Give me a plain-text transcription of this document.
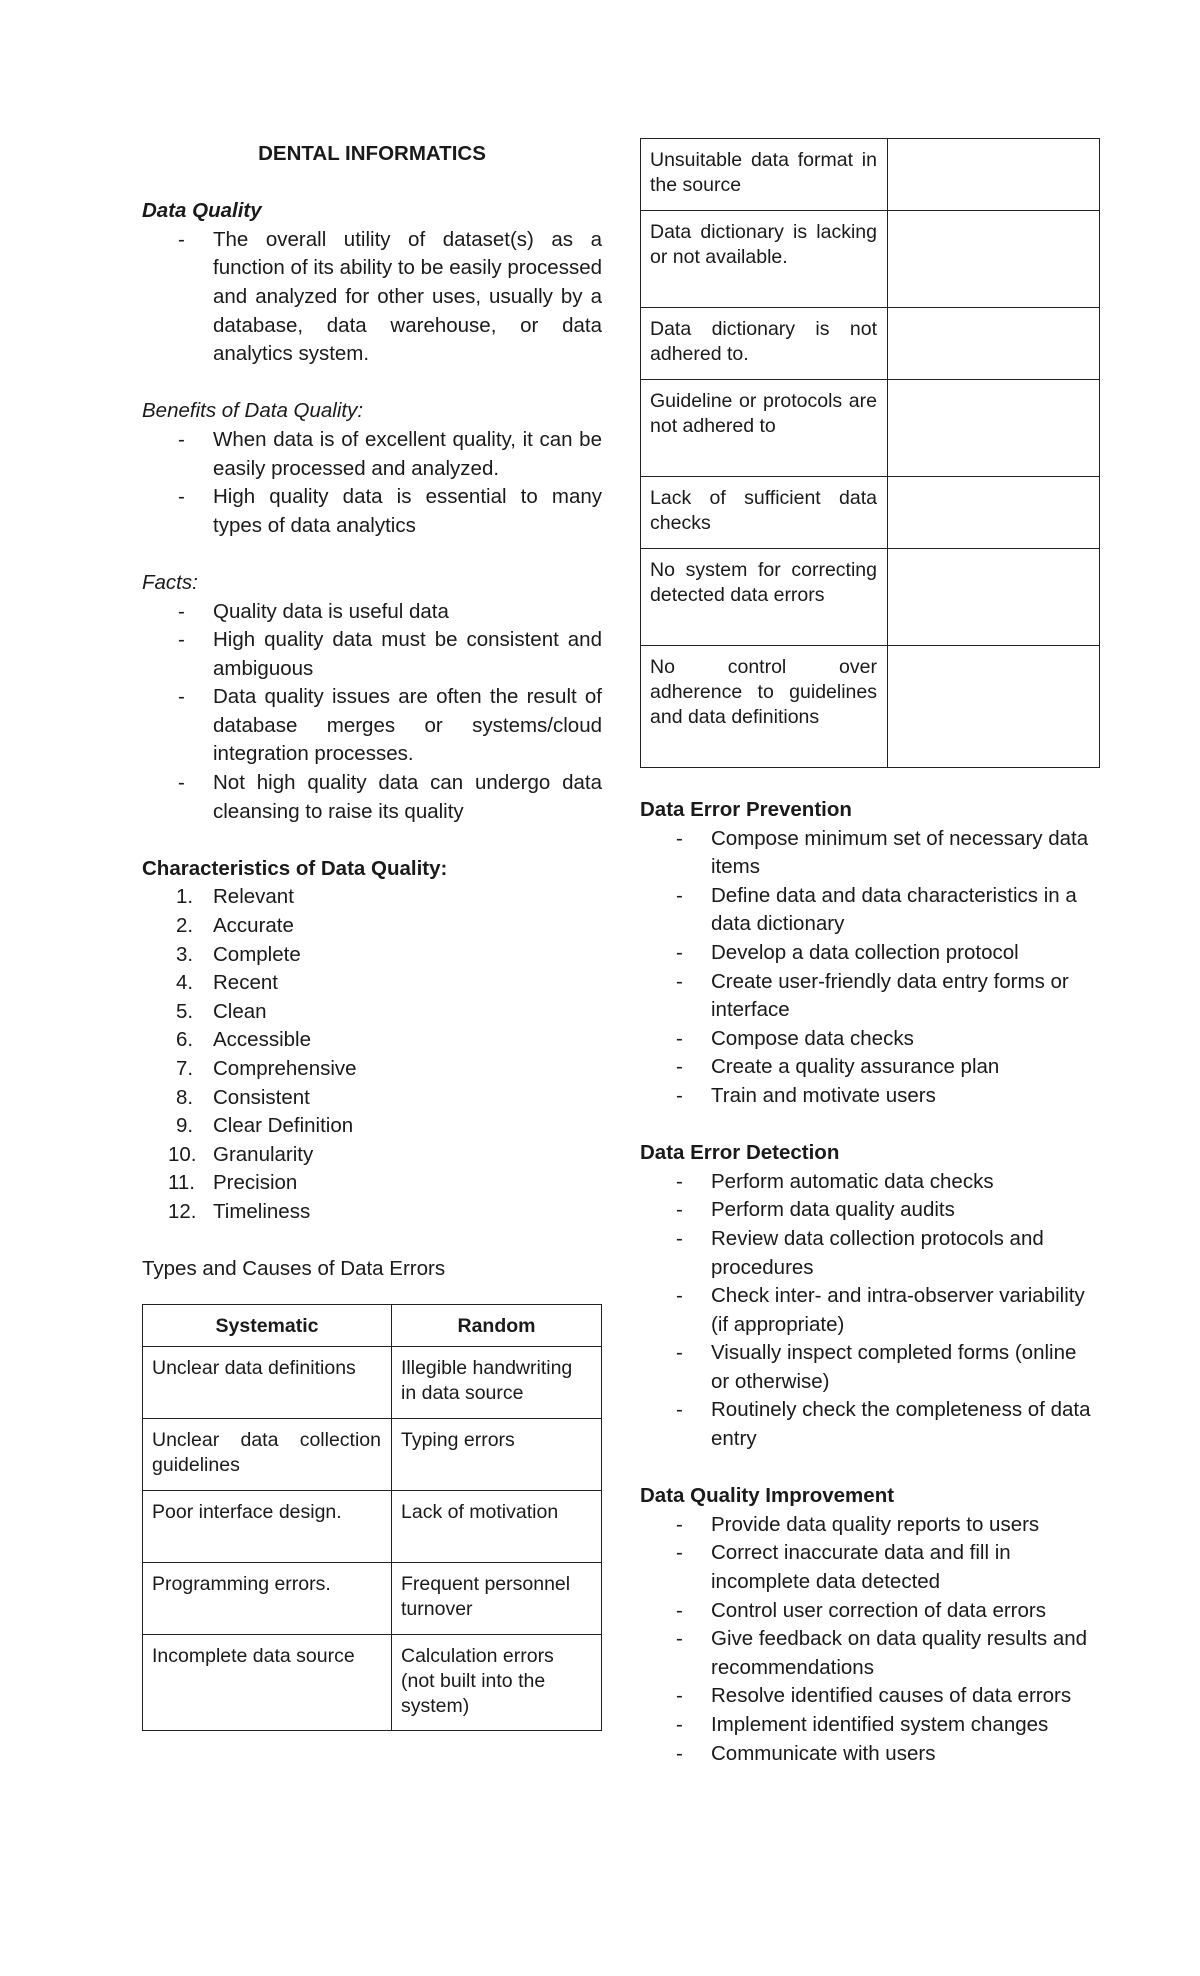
DENTAL INFORMATICS

Data Quality

- The overall utility of dataset(s) as a function of its ability to be easily processed and analyzed for other uses, usually by a database, data warehouse, or data analytics system.

Benefits of Data Quality:

- When data is of excellent quality, it can be easily processed and analyzed.
- High quality data is essential to many types of data analytics

Facts:

- Quality data is useful data
- High quality data must be consistent and ambiguous
- Data quality issues are often the result of database merges or systems/cloud integration processes.
- Not high quality data can undergo data cleansing to raise its quality

Characteristics of Data Quality:

1. Relevant
2. Accurate
3. Complete
4. Recent
5. Clean
6. Accessible
7. Comprehensive
8. Consistent
9. Clear Definition
10. Granularity
11. Precision
12. Timeliness

Types and Causes of Data Errors

Systematic	Random
Unclear data definitions	Illegible handwriting in data source
Unclear data collection guidelines	Typing errors
Poor interface design.	Lack of motivation
Programming errors.	Frequent personnel turnover
Incomplete data source	Calculation errors (not built into the system)
Unsuitable data format in the source	
Data dictionary is lacking or not available.	
Data dictionary is not adhered to.	
Guideline or protocols are not adhered to	
Lack of sufficient data checks	
No system for correcting detected data errors	
No control over adherence to guidelines and data definitions	

Data Error Prevention

- Compose minimum set of necessary data items
- Define data and data characteristics in a data dictionary
- Develop a data collection protocol
- Create user-friendly data entry forms or interface
- Compose data checks
- Create a quality assurance plan
- Train and motivate users

Data Error Detection

- Perform automatic data checks
- Perform data quality audits
- Review data collection protocols and procedures
- Check inter- and intra-observer variability (if appropriate)
- Visually inspect completed forms (online or otherwise)
- Routinely check the completeness of data entry

Data Quality Improvement

- Provide data quality reports to users
- Correct inaccurate data and fill in incomplete data detected
- Control user correction of data errors
- Give feedback on data quality results and recommendations
- Resolve identified causes of data errors
- Implement identified system changes
- Communicate with users
